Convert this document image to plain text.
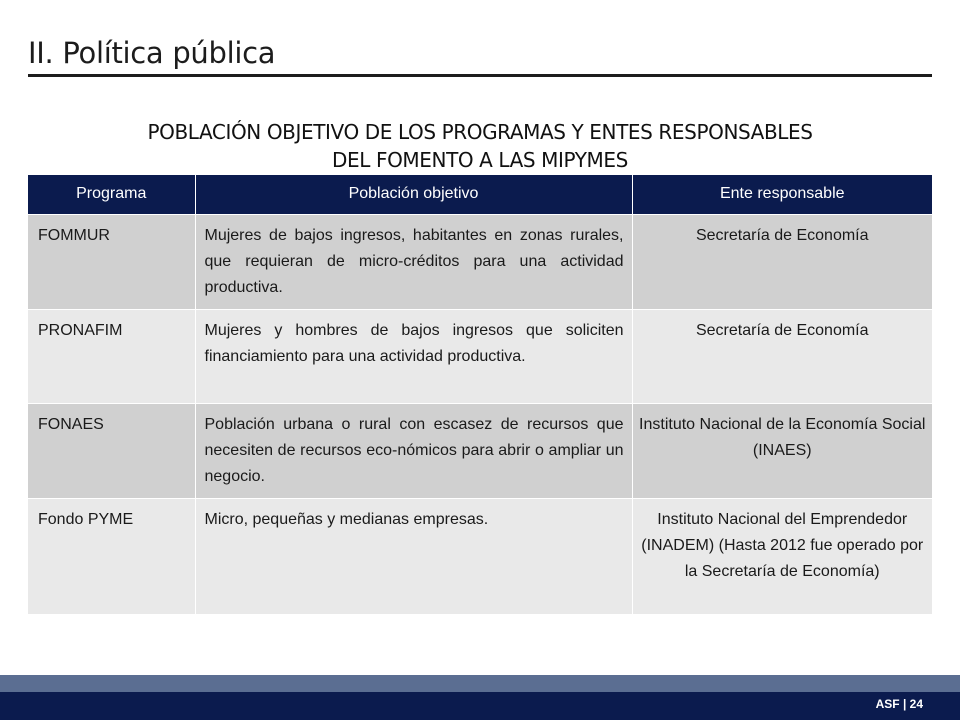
II. Política pública
POBLACIÓN OBJETIVO DE LOS PROGRAMAS Y ENTES RESPONSABLES
DEL FOMENTO A LAS MIPYMES
Programa	Población objetivo	Ente responsable
FOMMUR	Mujeres de bajos ingresos, habitantes en zonas rurales, que requieran de micro-créditos para una actividad productiva.	Secretaría de Economía
PRONAFIM	Mujeres y hombres de bajos ingresos que soliciten financiamiento para una actividad productiva.	Secretaría de Economía
FONAES	Población urbana o rural con escasez de recursos que necesiten de recursos eco-nómicos para abrir o ampliar un negocio.	Instituto Nacional de la Economía Social (INAES)
Fondo PYME	Micro, pequeñas y medianas empresas.	Instituto Nacional del Emprendedor (INADEM) (Hasta 2012 fue operado por la Secretaría de Economía)
ASF | 24
